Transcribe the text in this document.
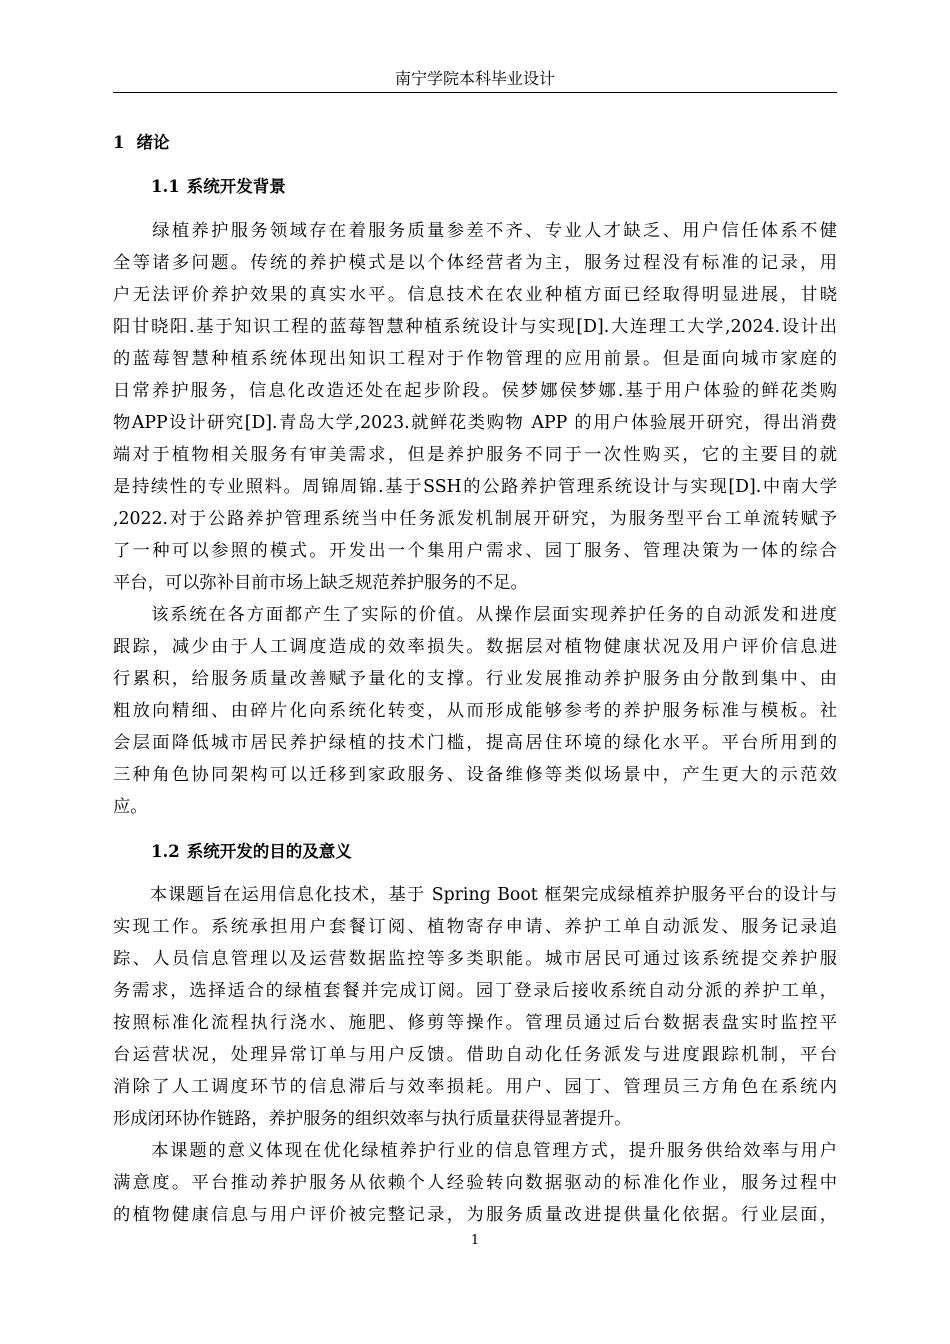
南宁学院本科毕业设计
1 绪论
1.1 系统开发背景
　　绿植养护服务领域存在着服务质量参差不齐、专业人才缺乏、用户信任体系不健
全等诸多问题。传统的养护模式是以个体经营者为主，服务过程没有标准的记录，用
户无法评价养护效果的真实水平。信息技术在农业种植方面已经取得明显进展，甘晓
阳甘晓阳.基于知识工程的蓝莓智慧种植系统设计与实现[D].大连理工大学,2024.设计出
的蓝莓智慧种植系统体现出知识工程对于作物管理的应用前景。但是面向城市家庭的
日常养护服务，信息化改造还处在起步阶段。侯梦娜侯梦娜.基于用户体验的鲜花类购
物APP设计研究[D].青岛大学,2023.就鲜花类购物 APP 的用户体验展开研究，得出消费
端对于植物相关服务有审美需求，但是养护服务不同于一次性购买，它的主要目的就
是持续性的专业照料。周锦周锦.基于SSH的公路养护管理系统设计与实现[D].中南大学
,2022.对于公路养护管理系统当中任务派发机制展开研究，为服务型平台工单流转赋予
了一种可以参照的模式。开发出一个集用户需求、园丁服务、管理决策为一体的综合
平台，可以弥补目前市场上缺乏规范养护服务的不足。
　　该系统在各方面都产生了实际的价值。从操作层面实现养护任务的自动派发和进度
跟踪，减少由于人工调度造成的效率损失。数据层对植物健康状况及用户评价信息进
行累积，给服务质量改善赋予量化的支撑。行业发展推动养护服务由分散到集中、由
粗放向精细、由碎片化向系统化转变，从而形成能够参考的养护服务标准与模板。社
会层面降低城市居民养护绿植的技术门槛，提高居住环境的绿化水平。平台所用到的
三种角色协同架构可以迁移到家政服务、设备维修等类似场景中，产生更大的示范效
应。
1.2 系统开发的目的及意义
　　本课题旨在运用信息化技术，基于 Spring Boot 框架完成绿植养护服务平台的设计与
实现工作。系统承担用户套餐订阅、植物寄存申请、养护工单自动派发、服务记录追
踪、人员信息管理以及运营数据监控等多类职能。城市居民可通过该系统提交养护服
务需求，选择适合的绿植套餐并完成订阅。园丁登录后接收系统自动分派的养护工单，
按照标准化流程执行浇水、施肥、修剪等操作。管理员通过后台数据表盘实时监控平
台运营状况，处理异常订单与用户反馈。借助自动化任务派发与进度跟踪机制，平台
消除了人工调度环节的信息滞后与效率损耗。用户、园丁、管理员三方角色在系统内
形成闭环协作链路，养护服务的组织效率与执行质量获得显著提升。
　　本课题的意义体现在优化绿植养护行业的信息管理方式，提升服务供给效率与用户
满意度。平台推动养护服务从依赖个人经验转向数据驱动的标准化作业，服务过程中
的植物健康信息与用户评价被完整记录，为服务质量改进提供量化依据。行业层面，
1
